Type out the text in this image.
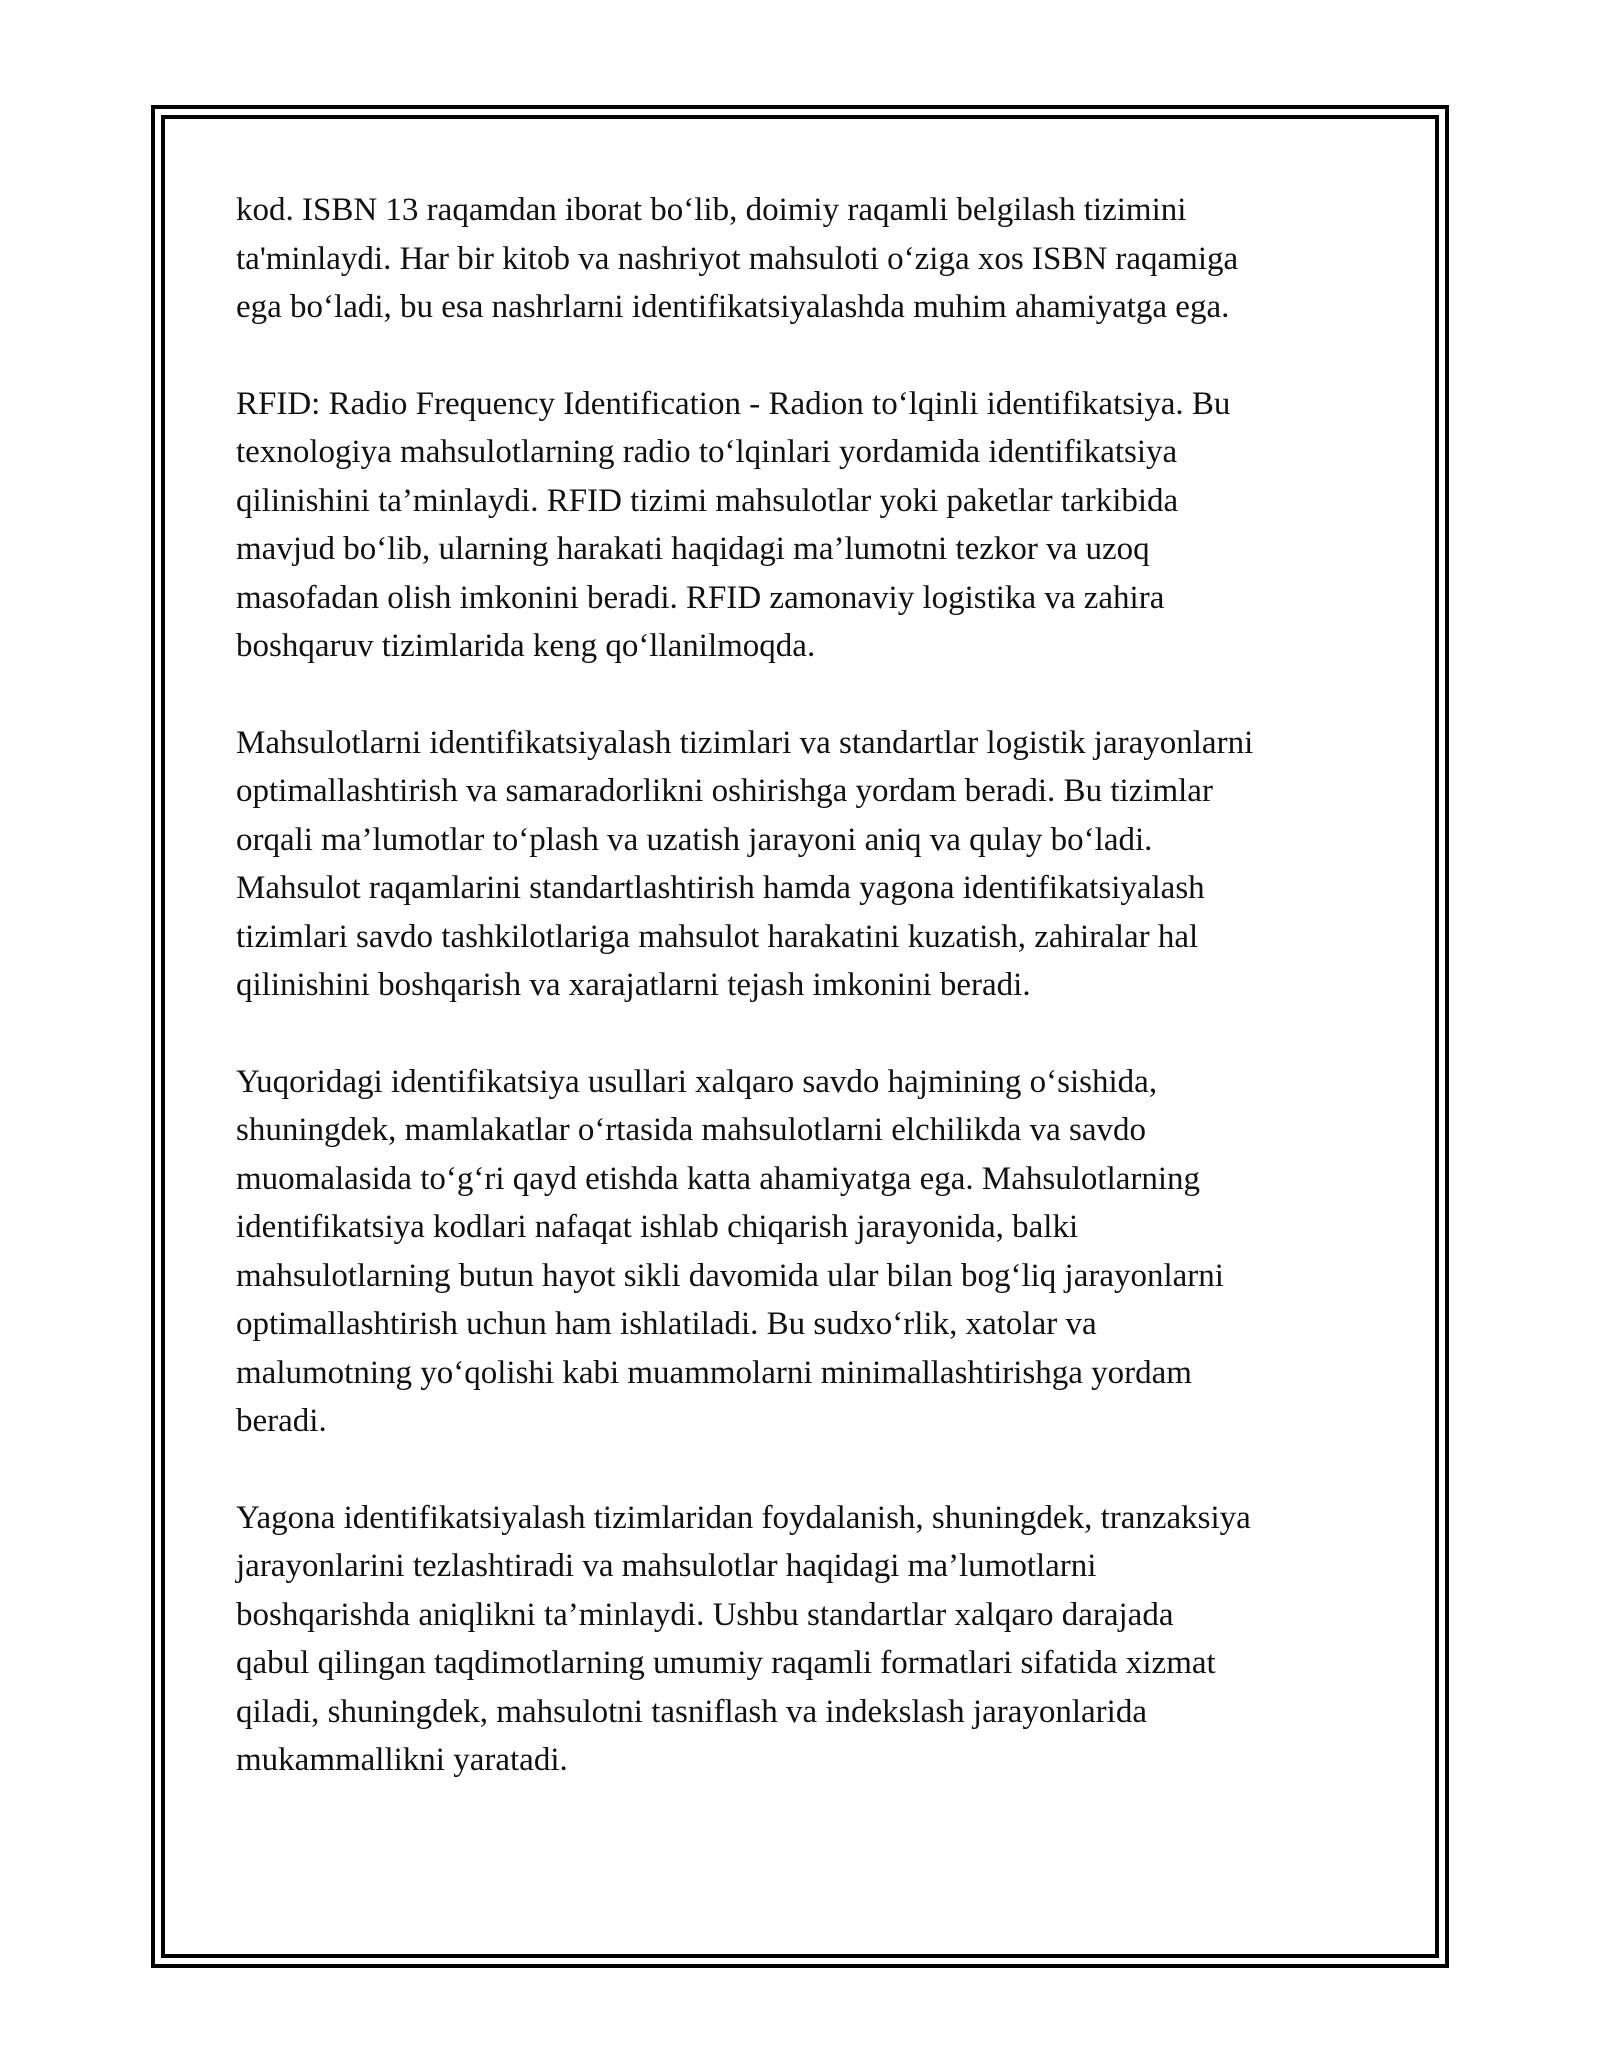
kod. ISBN 13 raqamdan iborat bo‘lib, doimiy raqamli belgilash tizimini
ta'minlaydi. Har bir kitob va nashriyot mahsuloti o‘ziga xos ISBN raqamiga
ega bo‘ladi, bu esa nashrlarni identifikatsiyalashda muhim ahamiyatga ega.

RFID: Radio Frequency Identification - Radion to‘lqinli identifikatsiya. Bu
texnologiya mahsulotlarning radio to‘lqinlari yordamida identifikatsiya
qilinishini ta’minlaydi. RFID tizimi mahsulotlar yoki paketlar tarkibida
mavjud bo‘lib, ularning harakati haqidagi ma’lumotni tezkor va uzoq
masofadan olish imkonini beradi. RFID zamonaviy logistika va zahira
boshqaruv tizimlarida keng qo‘llanilmoqda.

Mahsulotlarni identifikatsiyalash tizimlari va standartlar logistik jarayonlarni
optimallashtirish va samaradorlikni oshirishga yordam beradi. Bu tizimlar
orqali ma’lumotlar to‘plash va uzatish jarayoni aniq va qulay bo‘ladi.
Mahsulot raqamlarini standartlashtirish hamda yagona identifikatsiyalash
tizimlari savdo tashkilotlariga mahsulot harakatini kuzatish, zahiralar hal
qilinishini boshqarish va xarajatlarni tejash imkonini beradi.

Yuqoridagi identifikatsiya usullari xalqaro savdo hajmining o‘sishida,
shuningdek, mamlakatlar o‘rtasida mahsulotlarni elchilikda va savdo
muomalasida to‘g‘ri qayd etishda katta ahamiyatga ega. Mahsulotlarning
identifikatsiya kodlari nafaqat ishlab chiqarish jarayonida, balki
mahsulotlarning butun hayot sikli davomida ular bilan bog‘liq jarayonlarni
optimallashtirish uchun ham ishlatiladi. Bu sudxo‘rlik, xatolar va
malumotning yo‘qolishi kabi muammolarni minimallashtirishga yordam
beradi.

Yagona identifikatsiyalash tizimlaridan foydalanish, shuningdek, tranzaksiya
jarayonlarini tezlashtiradi va mahsulotlar haqidagi ma’lumotlarni
boshqarishda aniqlikni ta’minlaydi. Ushbu standartlar xalqaro darajada
qabul qilingan taqdimotlarning umumiy raqamli formatlari sifatida xizmat
qiladi, shuningdek, mahsulotni tasniflash va indekslash jarayonlarida
mukammallikni yaratadi.
